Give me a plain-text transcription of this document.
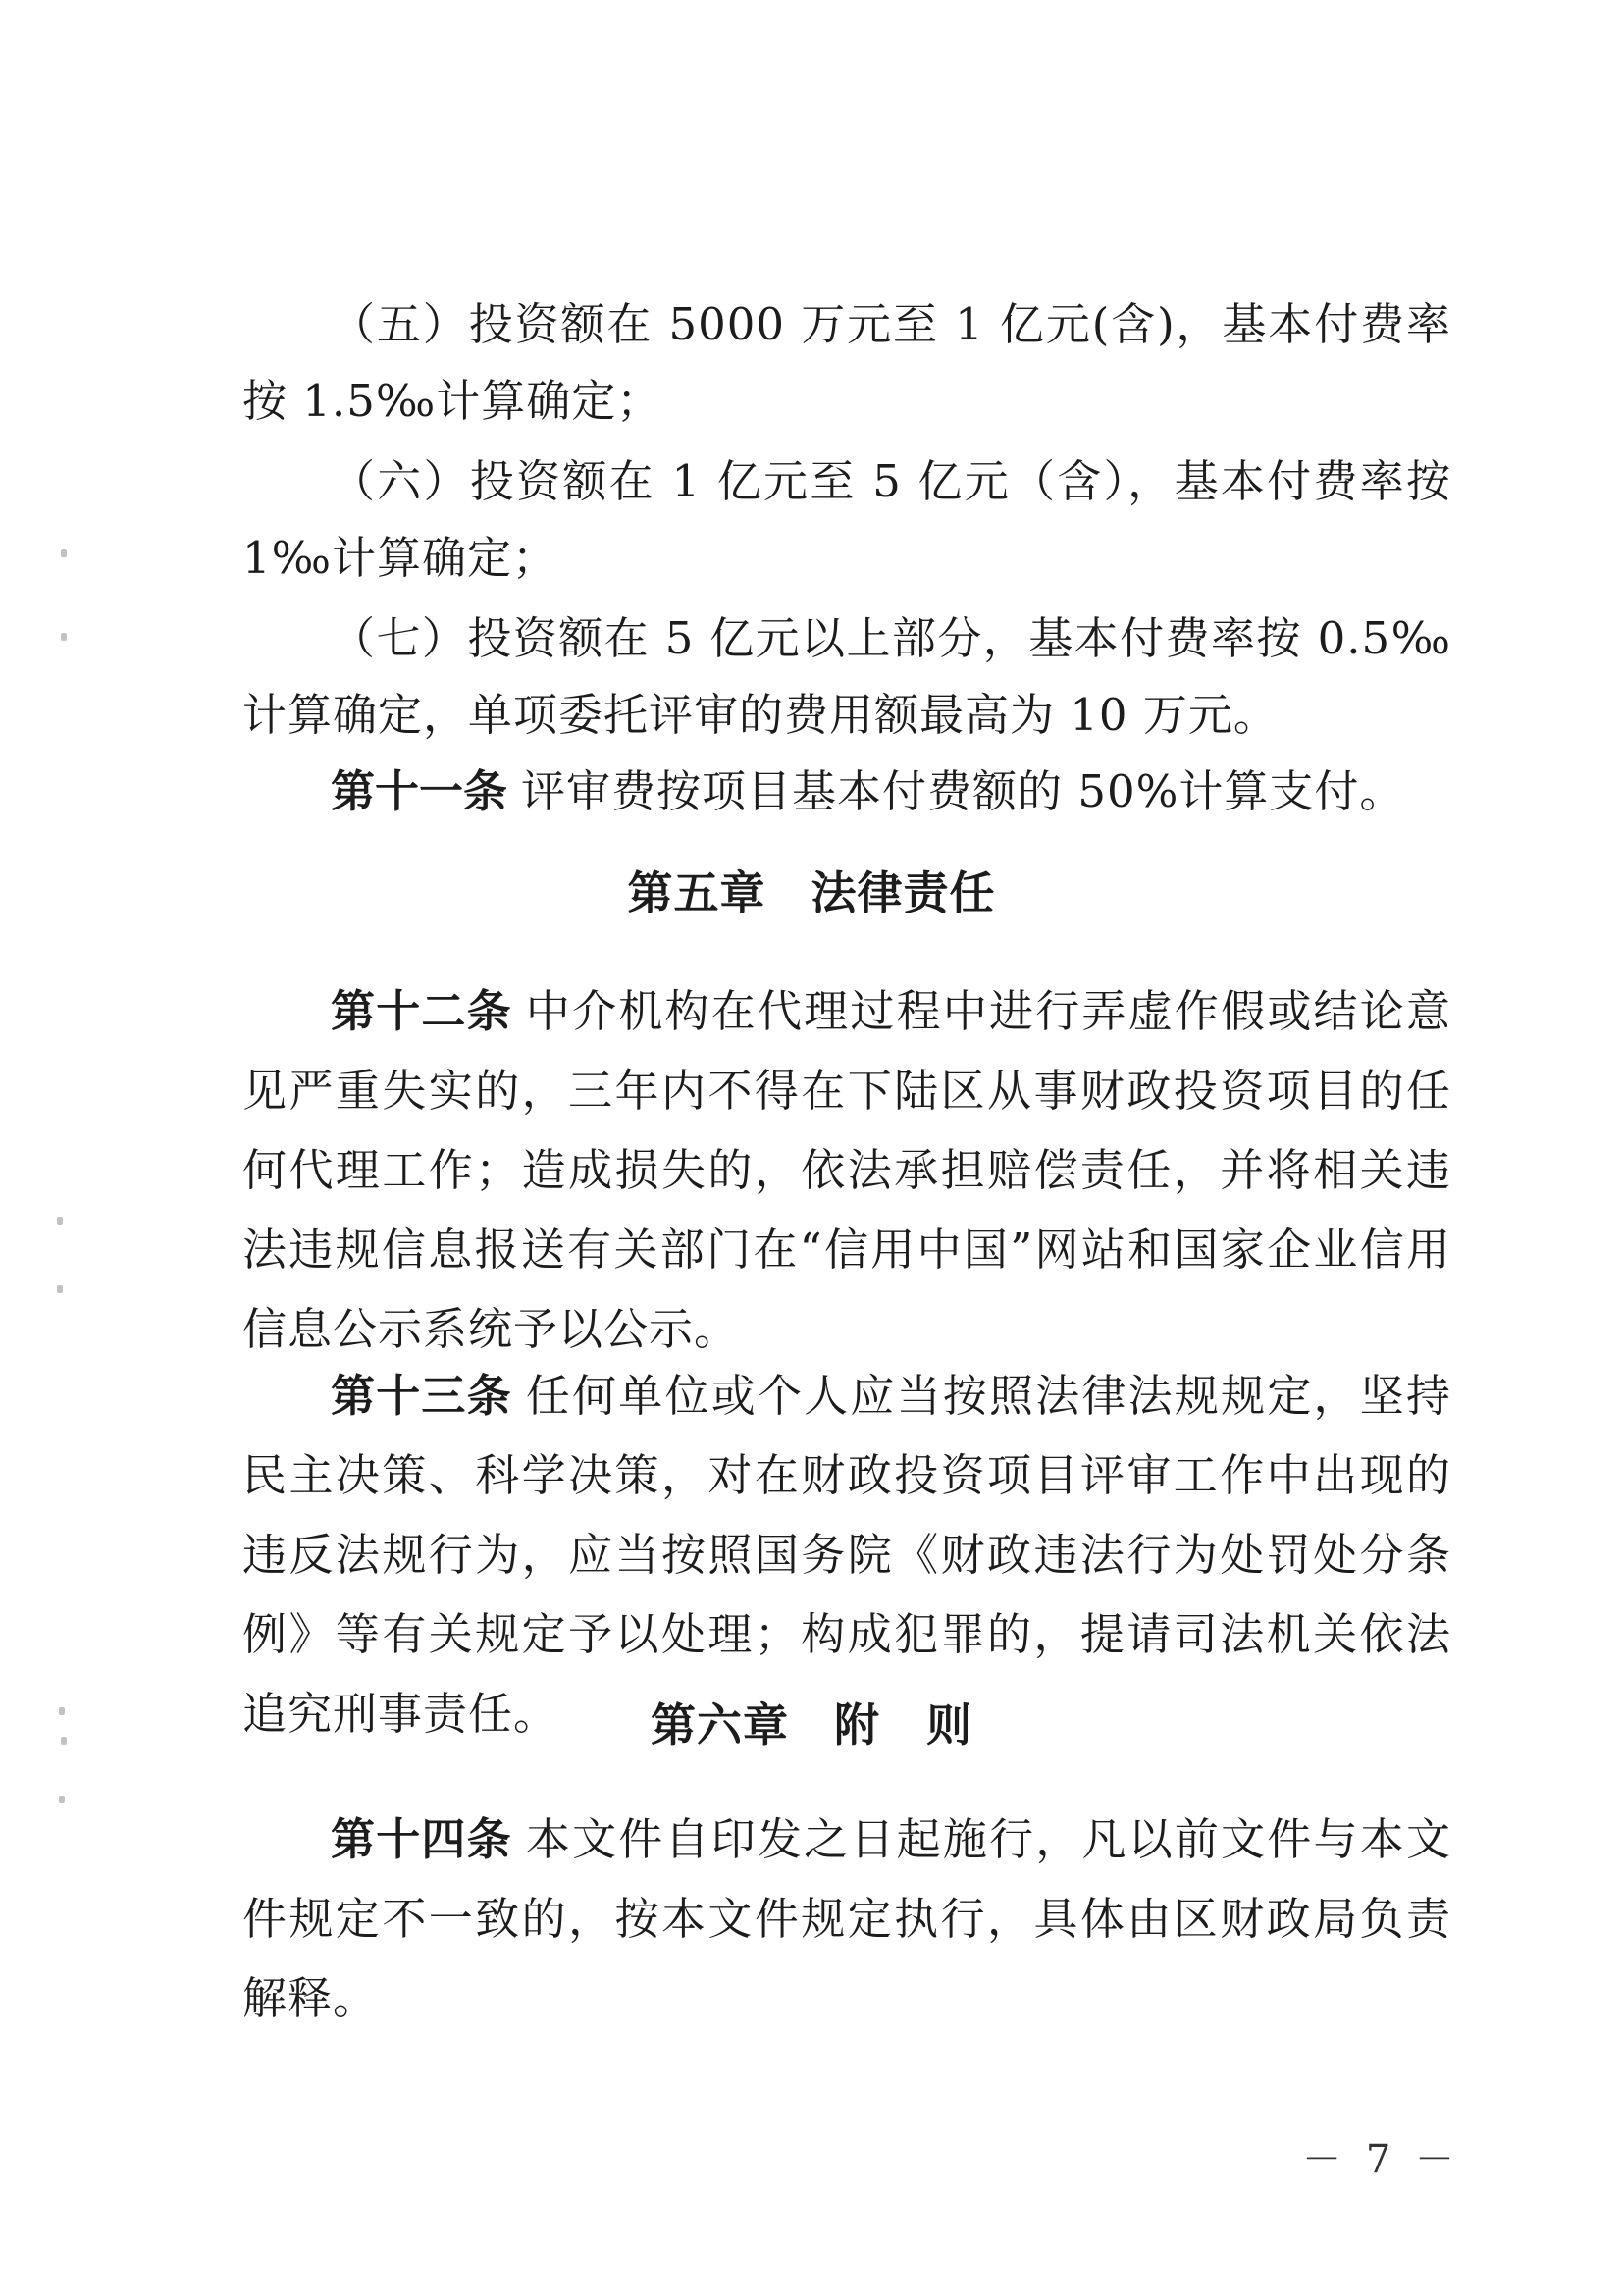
（五）投资额在 5000 万元至 1 亿元(含)，基本付费率按 1.5‰计算确定；

（六）投资额在 1 亿元至 5 亿元（含），基本付费率按 1‰计算确定；

（七）投资额在 5 亿元以上部分，基本付费率按 0.5‰计算确定，单项委托评审的费用额最高为 10 万元。

第十一条 评审费按项目基本付费额的 50%计算支付。

第五章 法律责任

第十二条 中介机构在代理过程中进行弄虚作假或结论意见严重失实的，三年内不得在下陆区从事财政投资项目的任何代理工作；造成损失的，依法承担赔偿责任，并将相关违法违规信息报送有关部门在“信用中国”网站和国家企业信用信息公示系统予以公示。

第十三条 任何单位或个人应当按照法律法规规定，坚持民主决策、科学决策，对在财政投资项目评审工作中出现的违反法规行为，应当按照国务院《财政违法行为处罚处分条例》等有关规定予以处理；构成犯罪的，提请司法机关依法追究刑事责任。	第六章 附　则

第十四条 本文件自印发之日起施行，凡以前文件与本文件规定不一致的，按本文件规定执行，具体由区财政局负责解释。

－ 7 －
